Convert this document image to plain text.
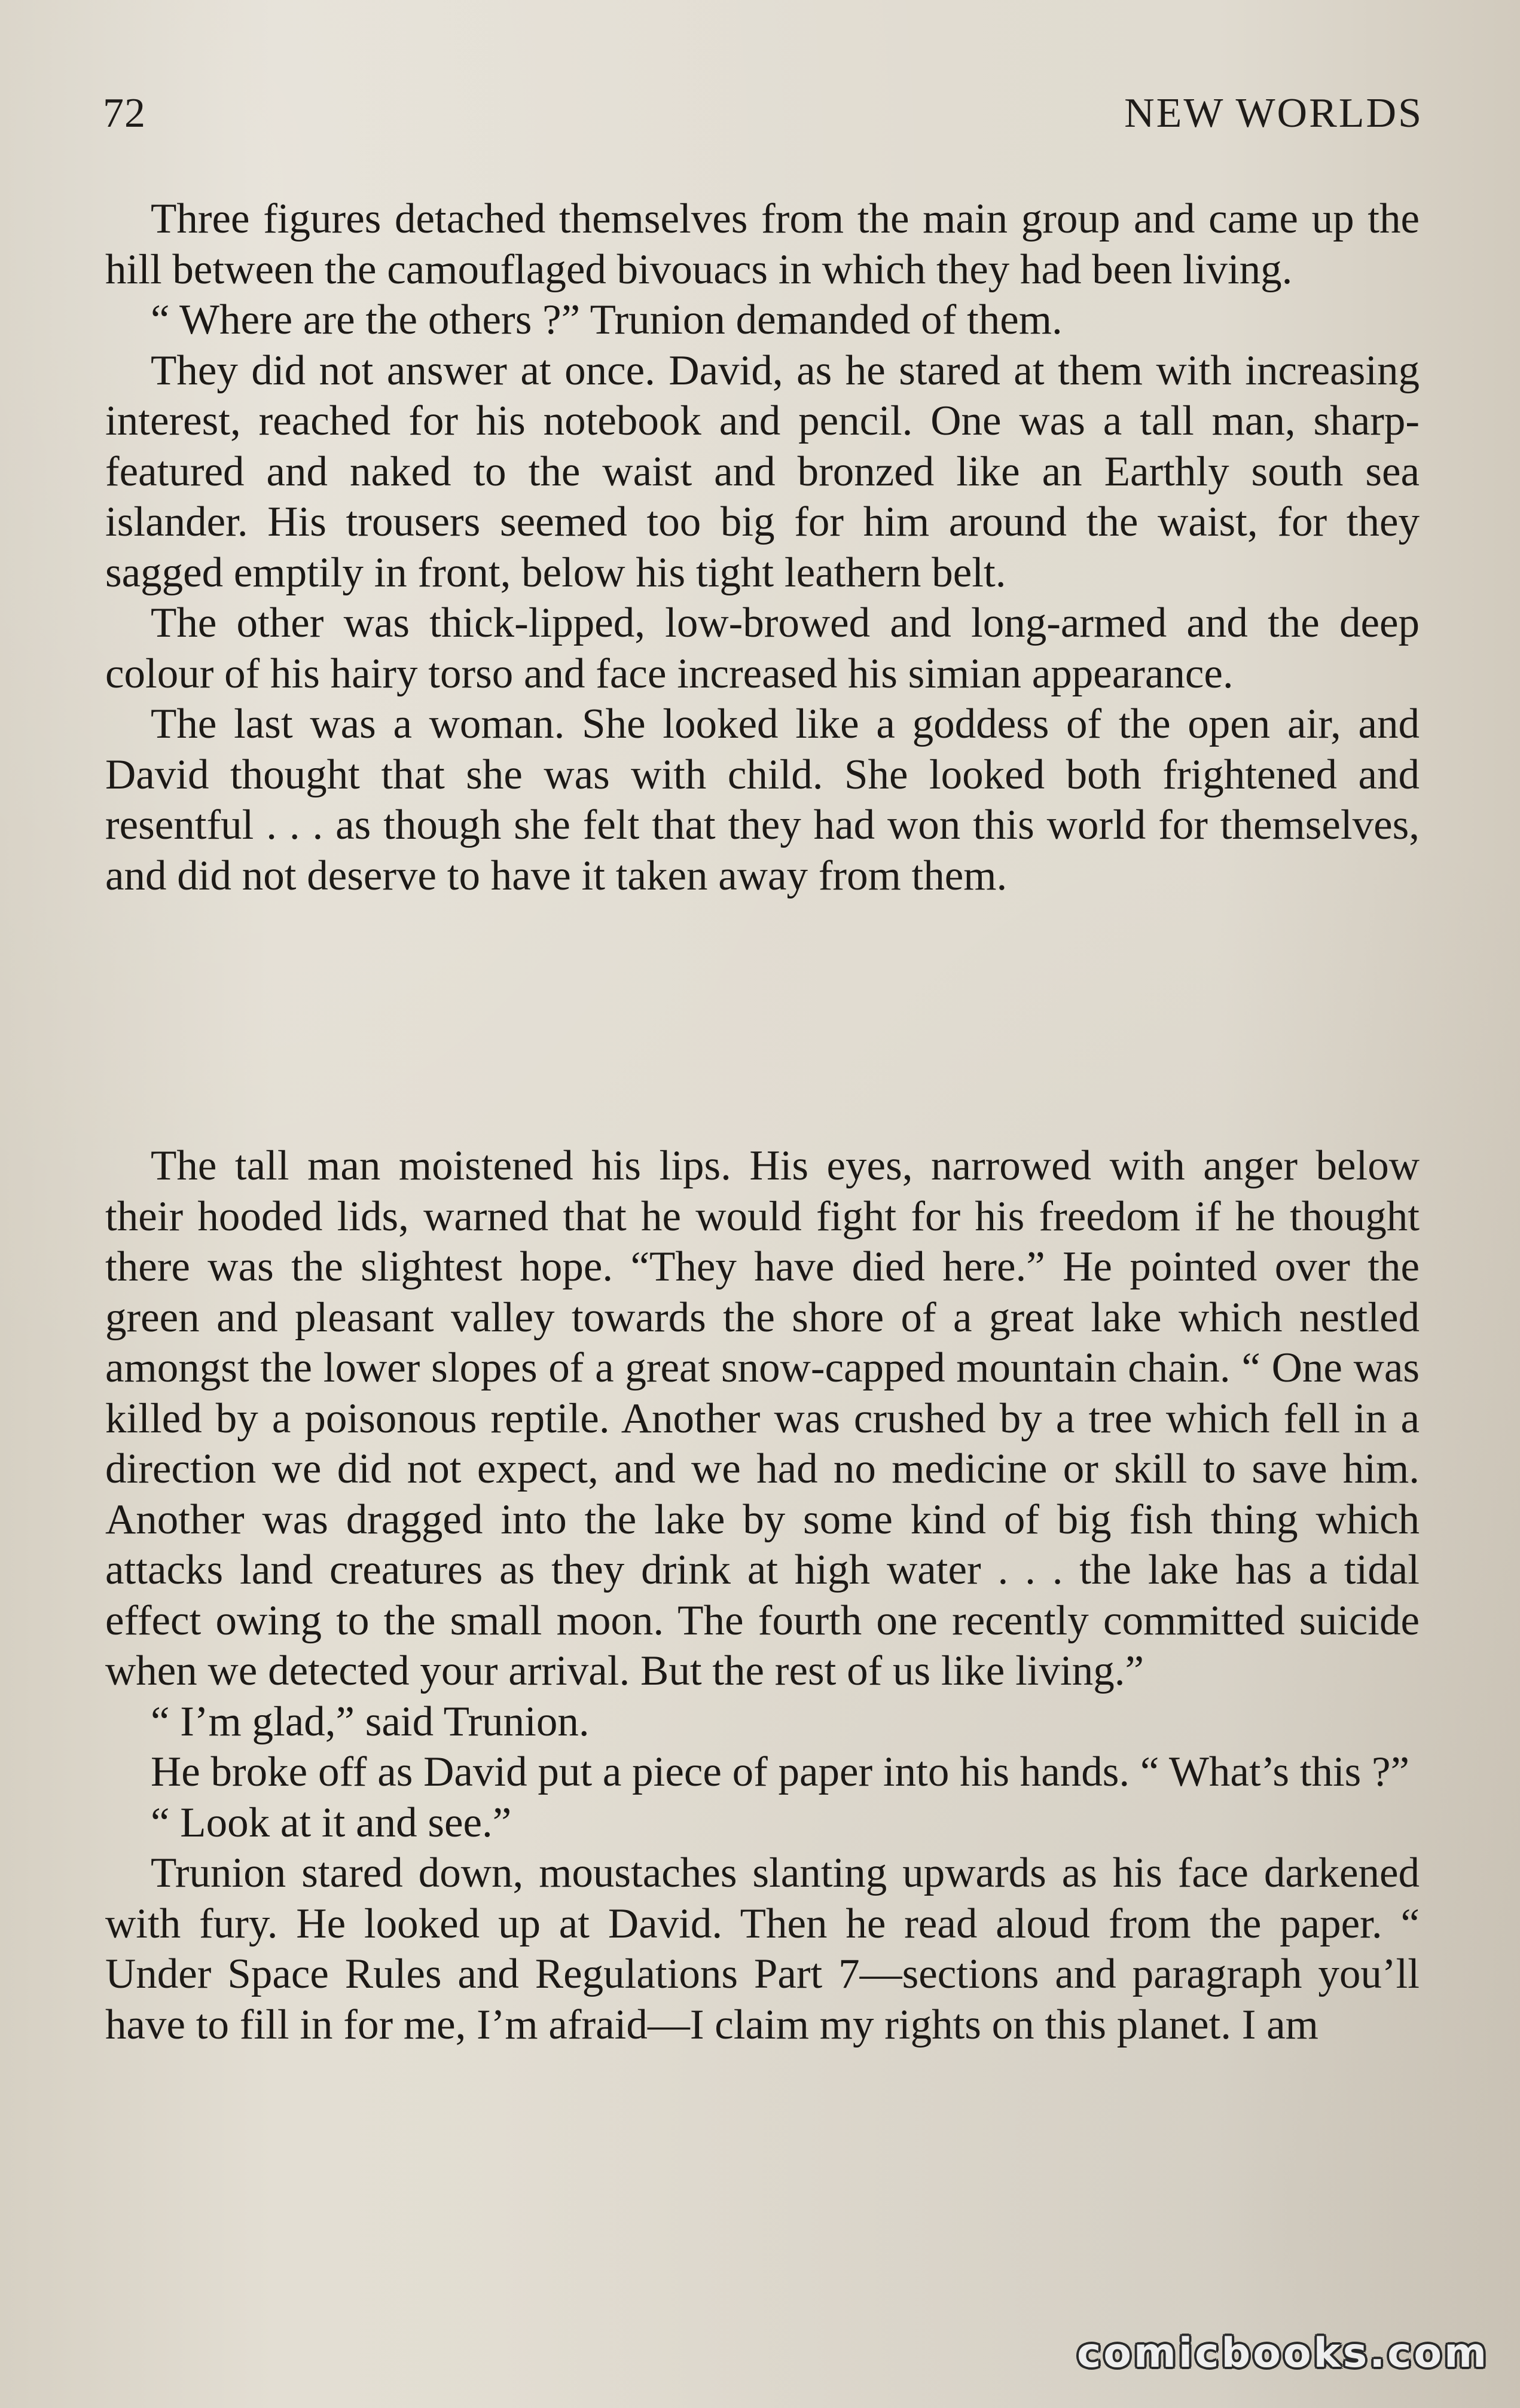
72	NEW WORLDS

Three figures detached themselves from the main group and came up the hill between the camouflaged bivouacs in which they had been living.

“ Where are the others ?” Trunion demanded of them.

They did not answer at once. David, as he stared at them with increasing interest, reached for his notebook and pencil. One was a tall man, sharp-featured and naked to the waist and bronzed like an Earthly south sea islander. His trousers seemed too big for him around the waist, for they sagged emptily in front, below his tight leathern belt.

The other was thick-lipped, low-browed and long-armed and the deep colour of his hairy torso and face increased his simian appearance.

The last was a woman. She looked like a goddess of the open air, and David thought that she was with child. She looked both frightened and resentful . . . as though she felt that they had won this world for themselves, and did not deserve to have it taken away from them.

The tall man moistened his lips. His eyes, narrowed with anger below their hooded lids, warned that he would fight for his freedom if he thought there was the slightest hope. “They have died here.” He pointed over the green and pleasant valley towards the shore of a great lake which nestled amongst the lower slopes of a great snow-capped mountain chain. “ One was killed by a poisonous reptile. Another was crushed by a tree which fell in a direction we did not expect, and we had no medicine or skill to save him. Another was dragged into the lake by some kind of big fish thing which attacks land creatures as they drink at high water . . . the lake has a tidal effect owing to the small moon. The fourth one recently committed suicide when we detected your arrival. But the rest of us like living.”

“ I’m glad,” said Trunion.

He broke off as David put a piece of paper into his hands. “ What’s this ?”

“ Look at it and see.”

Trunion stared down, moustaches slanting upwards as his face darkened with fury. He looked up at David. Then he read aloud from the paper. “ Under Space Rules and Regulations Part 7—sections and paragraph you’ll have to fill in for me, I’m afraid—I claim my rights on this planet. I am

comicbooks.com
